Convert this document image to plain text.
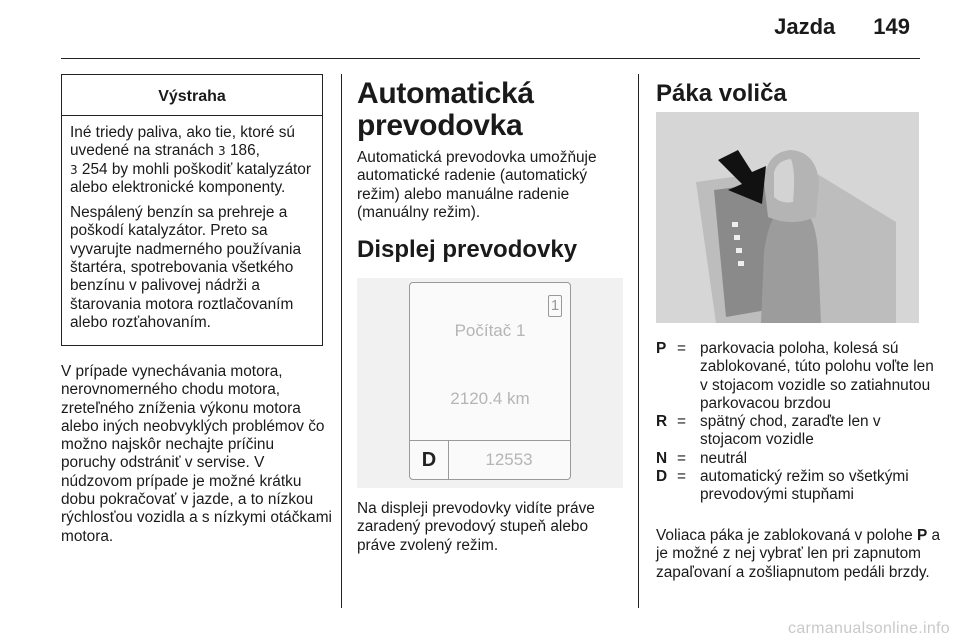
Jazda 149
Výstraha

Iné triedy paliva, ako tie, ktoré sú uvedené na stranách 3 186,
3 254 by mohli poškodiť katalyzátor alebo elektronické komponenty.

Nespálený benzín sa prehreje a poškodí katalyzátor. Preto sa vyvarujte nadmerného používania štartéra, spotrebovania všetkého benzínu v palivovej nádrži a štarovania motora roztlačovaním alebo rozťahovaním.

V prípade vynechávania motora, nerovnomerného chodu motora, zreteľného zníženia výkonu motora alebo iných neobvyklých problémov čo možno najskôr nechajte príčinu poruchy odstrániť v servise. V núdzovom prípade je možné krátku dobu pokračovať v jazde, a to nízkou rýchlosťou vozidla a s nízkymi otáčkami motora.
Automatická prevodovka
Automatická prevodovka umožňuje automatické radenie (automatický režim) alebo manuálne radenie (manuálny režim).
Displej prevodovky
1
Počítač 1
2120.4 km
D	12553
Na displeji prevodovky vidíte práve zaradený prevodový stupeň alebo práve zvolený režim.
Páka voliča
P = parkovacia poloha, kolesá sú zablokované, túto polohu voľte len v stojacom vozidle so zatiahnutou parkovacou brzdou
R = spätný chod, zaraďte len v stojacom vozidle
N = neutrál
D = automatický režim so všetkými prevodovými stupňami
Voliaca páka je zablokovaná v polohe P a je možné z nej vybrať len pri zapnutom zapaľovaní a zošliapnutom pedáli brzdy.
carmanualsonline.info
